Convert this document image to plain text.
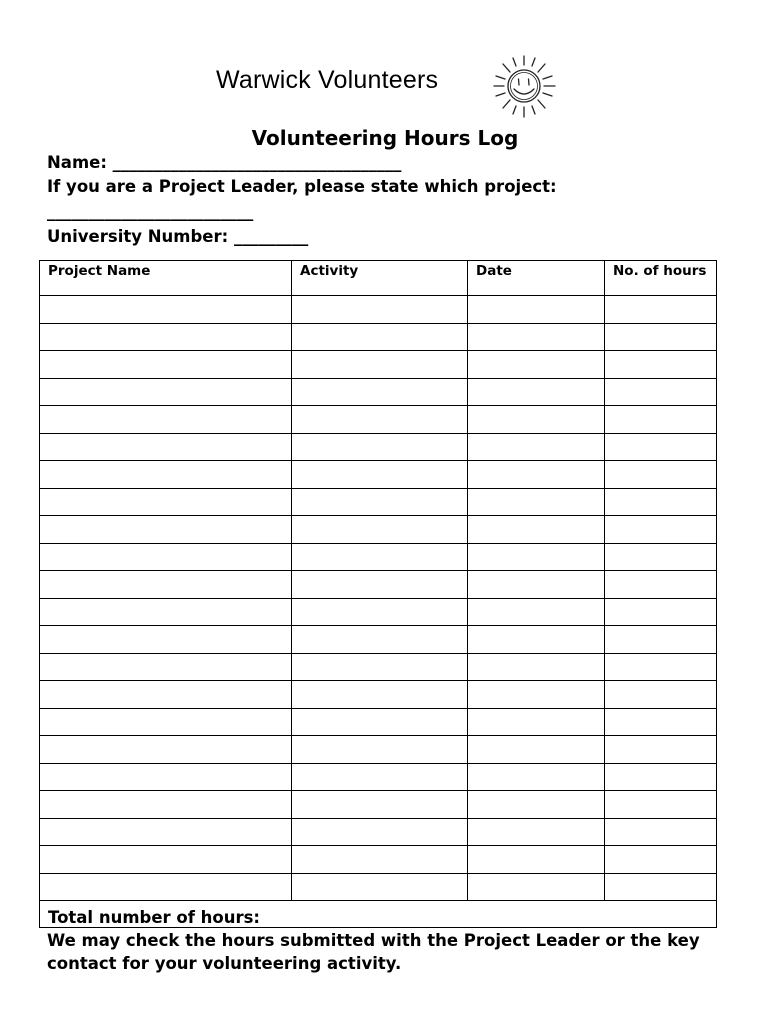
Warwick Volunteers
Volunteering Hours Log
Name: ___________________________________
If you are a Project Leader, please state which project:
_________________________
University Number: _________
Project Name	Activity	Date	No. of hours

Total number of hours:			
We may check the hours submitted with the Project Leader or the key contact for your volunteering activity.
